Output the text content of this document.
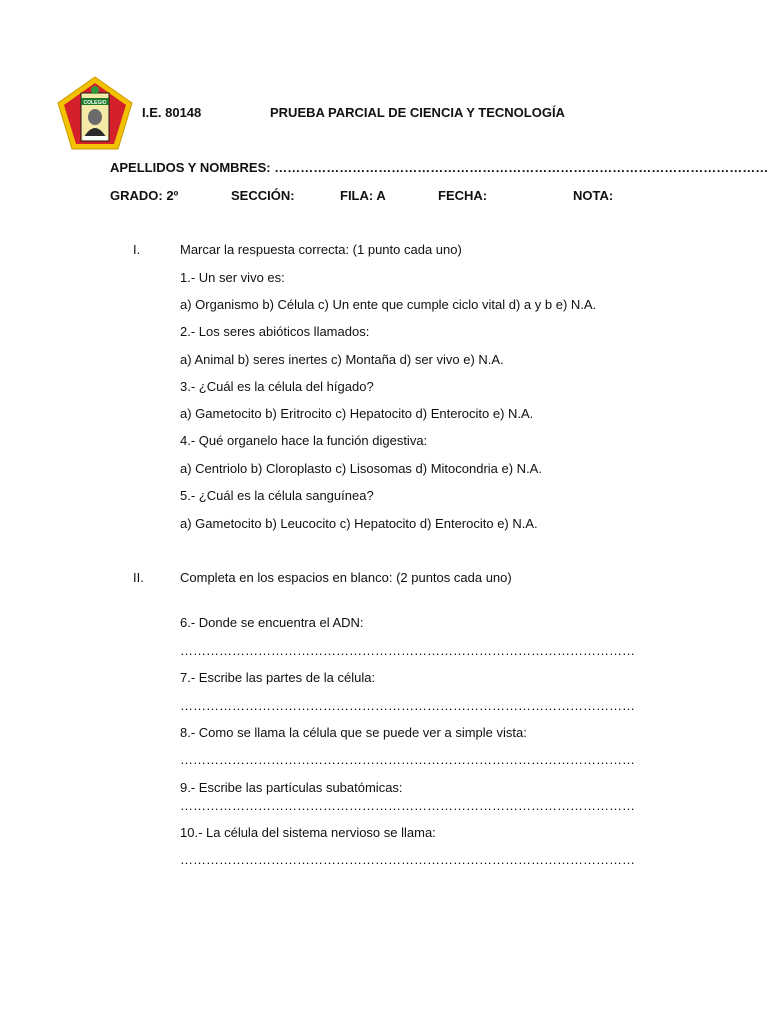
COLEGIO
I.E. 80148	PRUEBA PARCIAL DE CIENCIA Y TECNOLOGÍA
APELLIDOS Y NOMBRES: ……………………………………………………………………………………………………
GRADO: 2º	SECCIÓN:	FILA: A	FECHA:	NOTA:
I.	Marcar la respuesta correcta: (1 punto cada uno)
1.- Un ser vivo es:
a) Organismo b) Célula c) Un ente que cumple ciclo vital d) a y b e) N.A.
2.- Los seres abióticos llamados:
a) Animal b) seres inertes c) Montaña d) ser vivo e) N.A.
3.- ¿Cuál es la célula del hígado?
a) Gametocito b) Eritrocito c) Hepatocito d) Enterocito e) N.A.
4.- Qué organelo hace la función digestiva:
a) Centriolo b) Cloroplasto c) Lisosomas d) Mitocondria e) N.A.
5.- ¿Cuál es la célula sanguínea?
a) Gametocito b) Leucocito c) Hepatocito d) Enterocito e) N.A.
II.	Completa en los espacios en blanco: (2 puntos cada uno)
6.- Donde se encuentra el ADN:
……………………………………………………………………………………………
7.- Escribe las partes de la célula:
……………………………………………………………………………………………
8.- Como se llama la célula que se puede ver a simple vista:
……………………………………………………………………………………………
9.- Escribe las partículas subatómicas:
……………………………………………………………………………………………
10.- La célula del sistema nervioso se llama:
……………………………………………………………………………………………
